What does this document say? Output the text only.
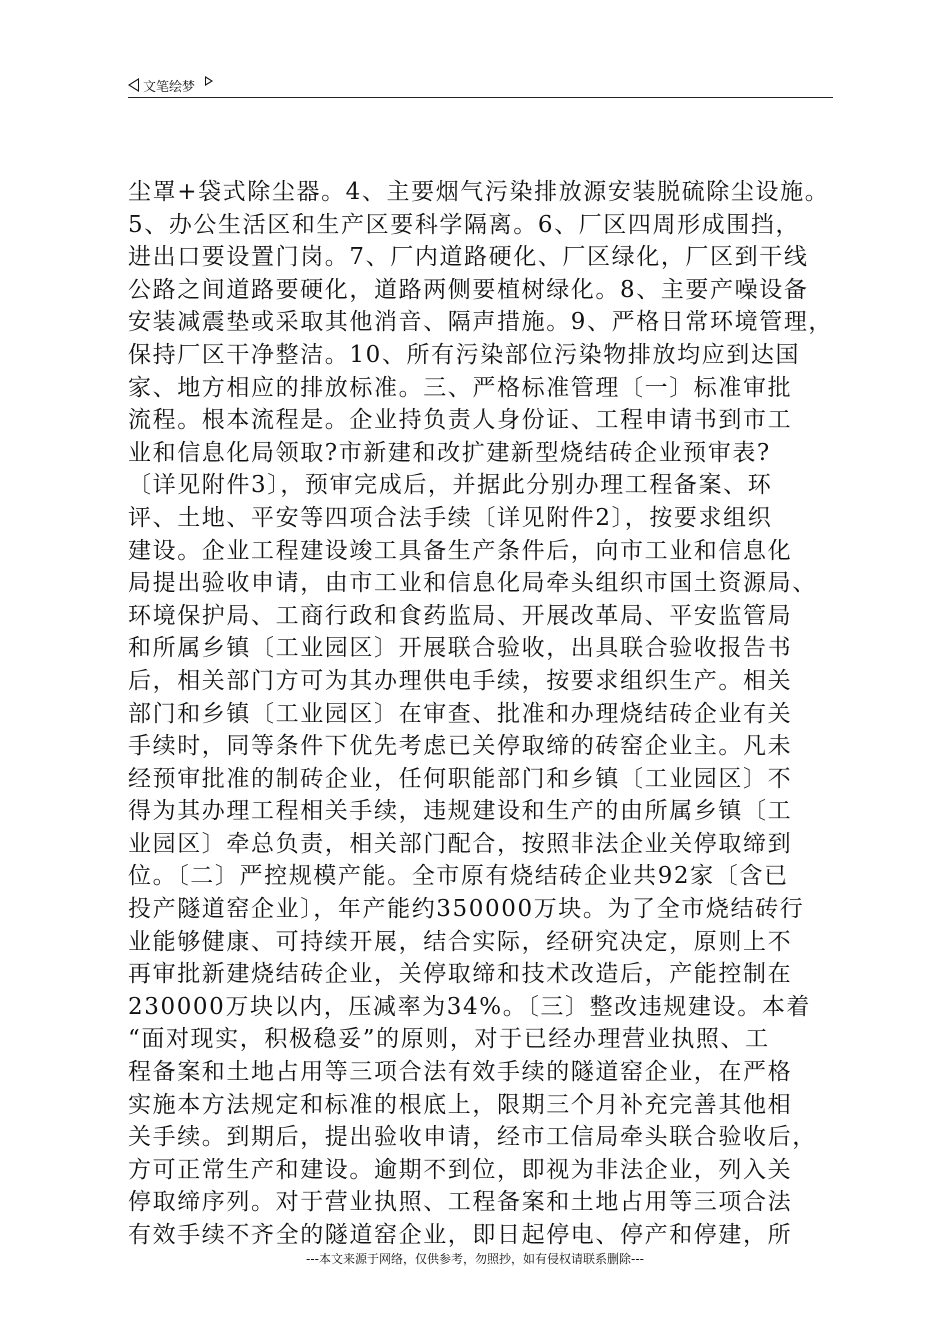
文笔绘梦
尘罩+袋式除尘器。4、主要烟气污染排放源安装脱硫除尘设施。
5、办公生活区和生产区要科学隔离。6、厂区四周形成围挡，
进出口要设置门岗。7、厂内道路硬化、厂区绿化，厂区到干线
公路之间道路要硬化，道路两侧要植树绿化。8、主要产噪设备
安装减震垫或采取其他消音、隔声措施。9、严格日常环境管理，
保持厂区干净整洁。10、所有污染部位污染物排放均应到达国
家、地方相应的排放标准。三、严格标准管理〔一〕标准审批
流程。根本流程是。企业持负责人身份证、工程申请书到市工
业和信息化局领取?市新建和改扩建新型烧结砖企业预审表?
〔详见附件3〕，预审完成后，并据此分别办理工程备案、环
评、土地、平安等四项合法手续〔详见附件2〕，按要求组织
建设。企业工程建设竣工具备生产条件后，向市工业和信息化
局提出验收申请，由市工业和信息化局牵头组织市国土资源局、
环境保护局、工商行政和食药监局、开展改革局、平安监管局
和所属乡镇〔工业园区〕开展联合验收，出具联合验收报告书
后，相关部门方可为其办理供电手续，按要求组织生产。相关
部门和乡镇〔工业园区〕在审查、批准和办理烧结砖企业有关
手续时，同等条件下优先考虑已关停取缔的砖窑企业主。凡未
经预审批准的制砖企业，任何职能部门和乡镇〔工业园区〕不
得为其办理工程相关手续，违规建设和生产的由所属乡镇〔工
业园区〕牵总负责，相关部门配合，按照非法企业关停取缔到
位。〔二〕严控规模产能。全市原有烧结砖企业共92家〔含已
投产隧道窑企业〕，年产能约350000万块。为了全市烧结砖行
业能够健康、可持续开展，结合实际，经研究决定，原则上不
再审批新建烧结砖企业，关停取缔和技术改造后，产能控制在
230000万块以内，压减率为34%。〔三〕整改违规建设。本着
“面对现实，积极稳妥”的原则，对于已经办理营业执照、工
程备案和土地占用等三项合法有效手续的隧道窑企业，在严格
实施本方法规定和标准的根底上，限期三个月补充完善其他相
关手续。到期后，提出验收申请，经市工信局牵头联合验收后，
方可正常生产和建设。逾期不到位，即视为非法企业，列入关
停取缔序列。对于营业执照、工程备案和土地占用等三项合法
有效手续不齐全的隧道窑企业，即日起停电、停产和停建，所
---本文来源于网络，仅供参考，勿照抄，如有侵权请联系删除---
